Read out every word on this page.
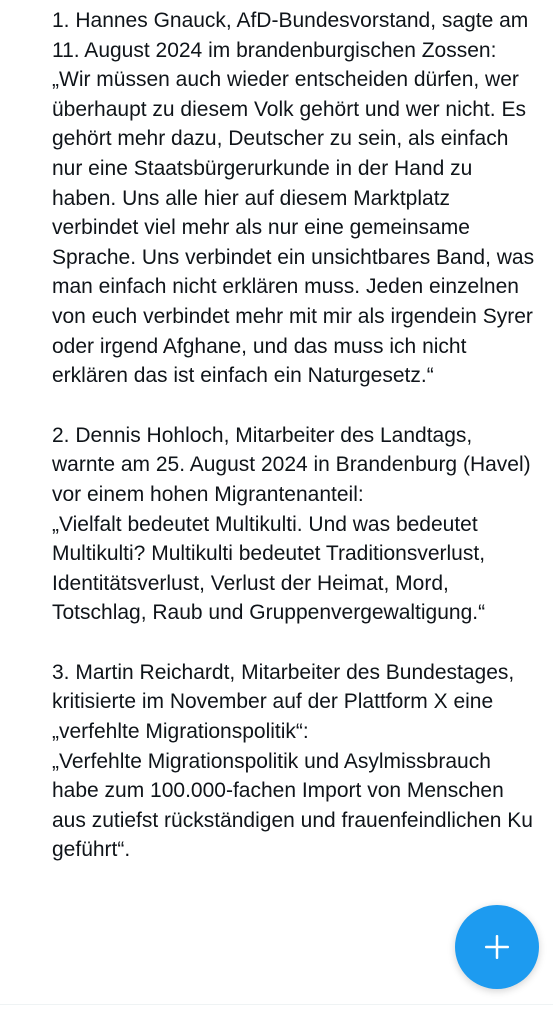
1. Hannes Gnauck, AfD-Bundesvorstand, sagte am 11. August 2024 im brandenburgischen Zossen:
„Wir müssen auch wieder entscheiden dürfen, wer überhaupt zu diesem Volk gehört und wer nicht. Es gehört mehr dazu, Deutscher zu sein, als einfach nur eine Staatsbürgerurkunde in der Hand zu haben. Uns alle hier auf diesem Marktplatz verbindet viel mehr als nur eine gemeinsame Sprache. Uns verbindet ein unsichtbares Band, was man einfach nicht erklären muss. Jeden einzelnen von euch verbindet mehr mit mir als irgendein Syrer oder irgend Afghane, und das muss ich nicht erklären das ist einfach ein Naturgesetz.“

2. Dennis Hohloch, Mitarbeiter des Landtags, warnte am 25. August 2024 in Brandenburg (Havel) vor einem hohen Migrantenanteil:
„Vielfalt bedeutet Multikulti. Und was bedeutet Multikulti? Multikulti bedeutet Traditionsverlust, Identitätsverlust, Verlust der Heimat, Mord, Totschlag, Raub und Gruppenvergewaltigung.“

3. Martin Reichardt, Mitarbeiter des Bundestages, kritisierte im November auf der Plattform X eine „verfehlte Migrationspolitik“:
„Verfehlte Migrationspolitik und Asylmissbrauch habe zum 100.000-fachen Import von Menschen aus zutiefst rückständigen und frauenfeindlichen Ku
geführt“.
